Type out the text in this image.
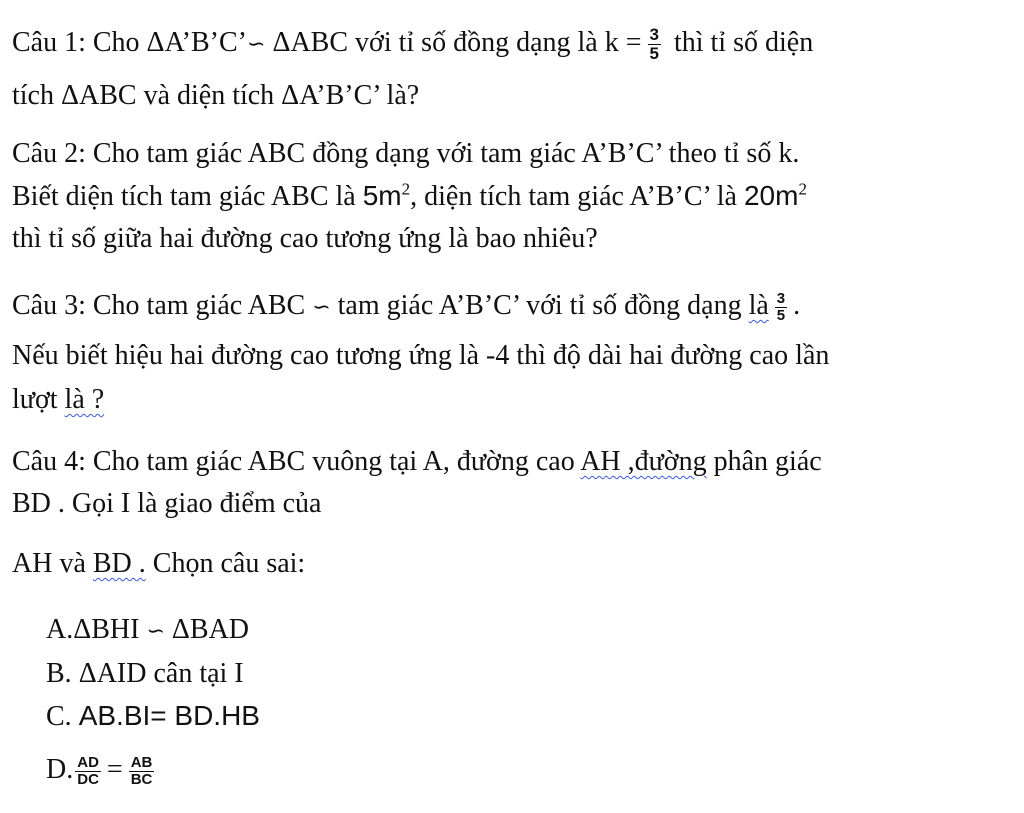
Câu 1: Cho ΔA’B’C’∽ ΔABC với tỉ số đồng dạng là $k = \frac{3}{5}$ thì tỉ số diện
tích ΔABC và diện tích ΔA’B’C’ là?
Câu 2: Cho tam giác ABC đồng dạng với tam giác A’B’C’ theo tỉ số k.
Biết diện tích tam giác ABC là $5m^2$, diện tích tam giác A’B’C’ là $20m^2$
thì tỉ số giữa hai đường cao tương ứng là bao nhiêu?
Câu 3: Cho tam giác ABC ∽ tam giác A’B’C’ với tỉ số đồng dạng là $\frac{3}{5}$ .
Nếu biết hiệu hai đường cao tương ứng là -4 thì độ dài hai đường cao lần
lượt là ?
Câu 4: Cho tam giác ABC vuông tại A, đường cao AH ,đường phân giác
BD . Gọi I là giao điểm của
AH và BD . Chọn câu sai:
A.ΔBHI ∽ ΔBAD
B. ΔAID cân tại I
C. AB.BI= BD.HB
D. $\frac{AD}{DC} = \frac{AB}{BC}$
